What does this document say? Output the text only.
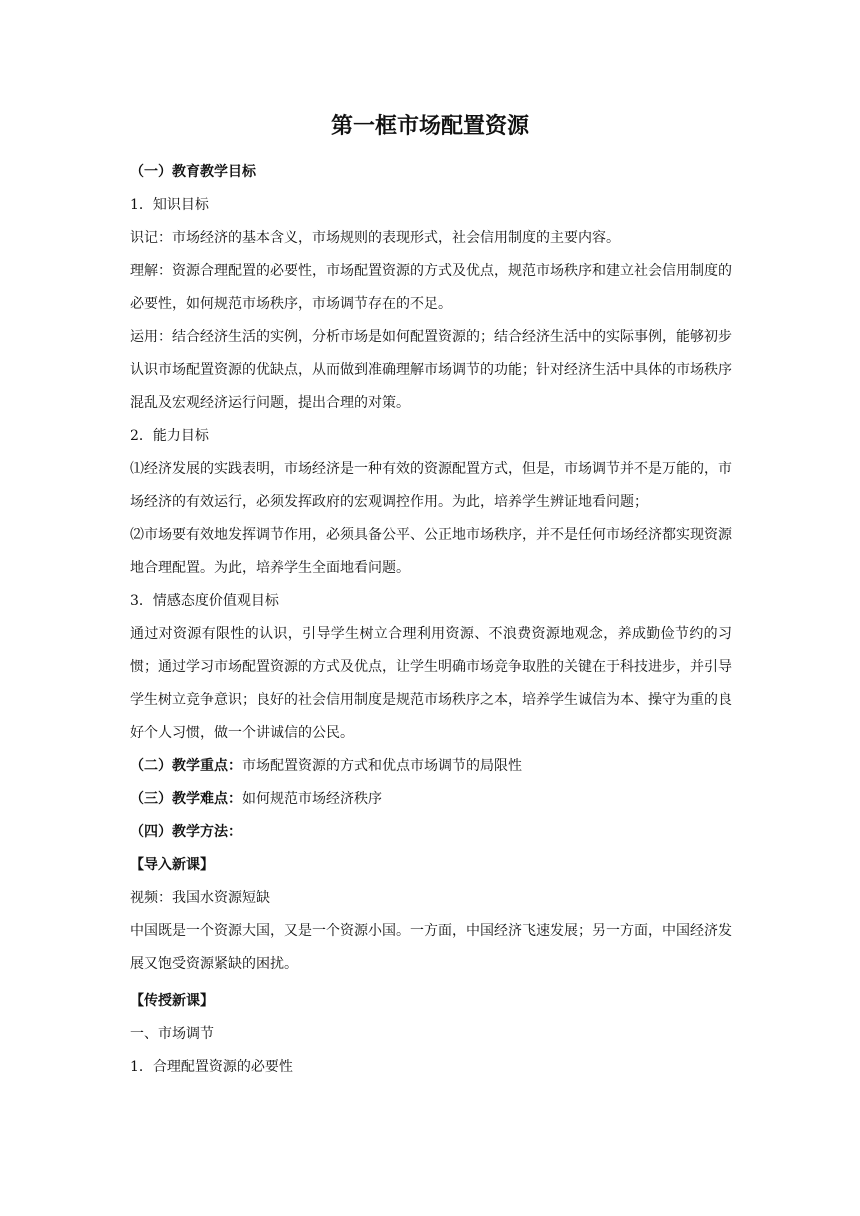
第一框市场配置资源

（一）教育教学目标

1．知识目标

识记：市场经济的基本含义，市场规则的表现形式，社会信用制度的主要内容。

理解：资源合理配置的必要性，市场配置资源的方式及优点，规范市场秩序和建立社会信用制度的必要性，如何规范市场秩序，市场调节存在的不足。

运用：结合经济生活的实例，分析市场是如何配置资源的；结合经济生活中的实际事例，能够初步认识市场配置资源的优缺点，从而做到准确理解市场调节的功能；针对经济生活中具体的市场秩序混乱及宏观经济运行问题，提出合理的对策。

2．能力目标

⑴经济发展的实践表明，市场经济是一种有效的资源配置方式，但是，市场调节并不是万能的，市场经济的有效运行，必须发挥政府的宏观调控作用。为此，培养学生辨证地看问题；

⑵市场要有效地发挥调节作用，必须具备公平、公正地市场秩序，并不是任何市场经济都实现资源地合理配置。为此，培养学生全面地看问题。

3．情感态度价值观目标

通过对资源有限性的认识，引导学生树立合理利用资源、不浪费资源地观念，养成勤俭节约的习惯；通过学习市场配置资源的方式及优点，让学生明确市场竞争取胜的关键在于科技进步，并引导学生树立竞争意识；良好的社会信用制度是规范市场秩序之本，培养学生诚信为本、操守为重的良好个人习惯，做一个讲诚信的公民。

（二）教学重点：市场配置资源的方式和优点市场调节的局限性

（三）教学难点：如何规范市场经济秩序

（四）教学方法：

【导入新课】

视频：我国水资源短缺

中国既是一个资源大国，又是一个资源小国。一方面，中国经济飞速发展；另一方面，中国经济发展又饱受资源紧缺的困扰。

【传授新课】

一、市场调节

1．合理配置资源的必要性
